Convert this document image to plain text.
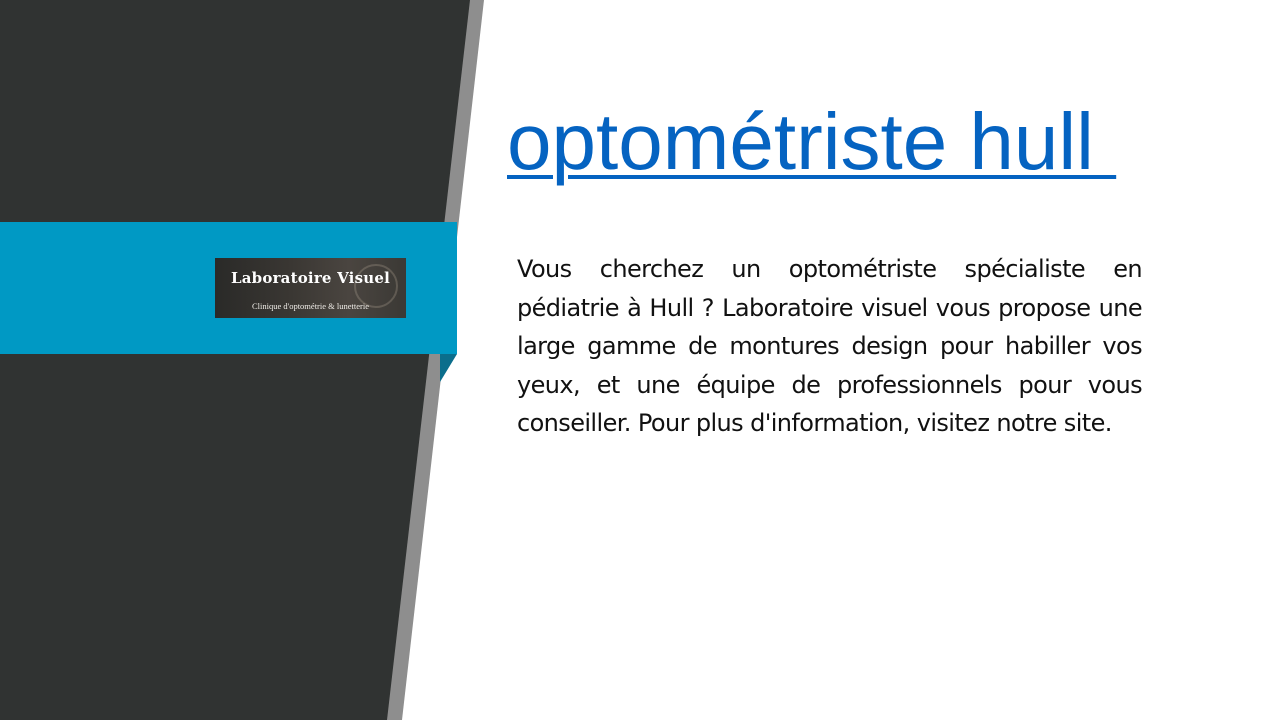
Laboratoire Visuel
Clinique d'optométrie & lunetterie
optométriste hull
Vous cherchez un optométriste spécialiste en pédiatrie à Hull ? Laboratoire visuel vous propose une large gamme de montures design pour habiller vos yeux, et une équipe de professionnels pour vous conseiller. Pour plus d'information, visitez notre site.
